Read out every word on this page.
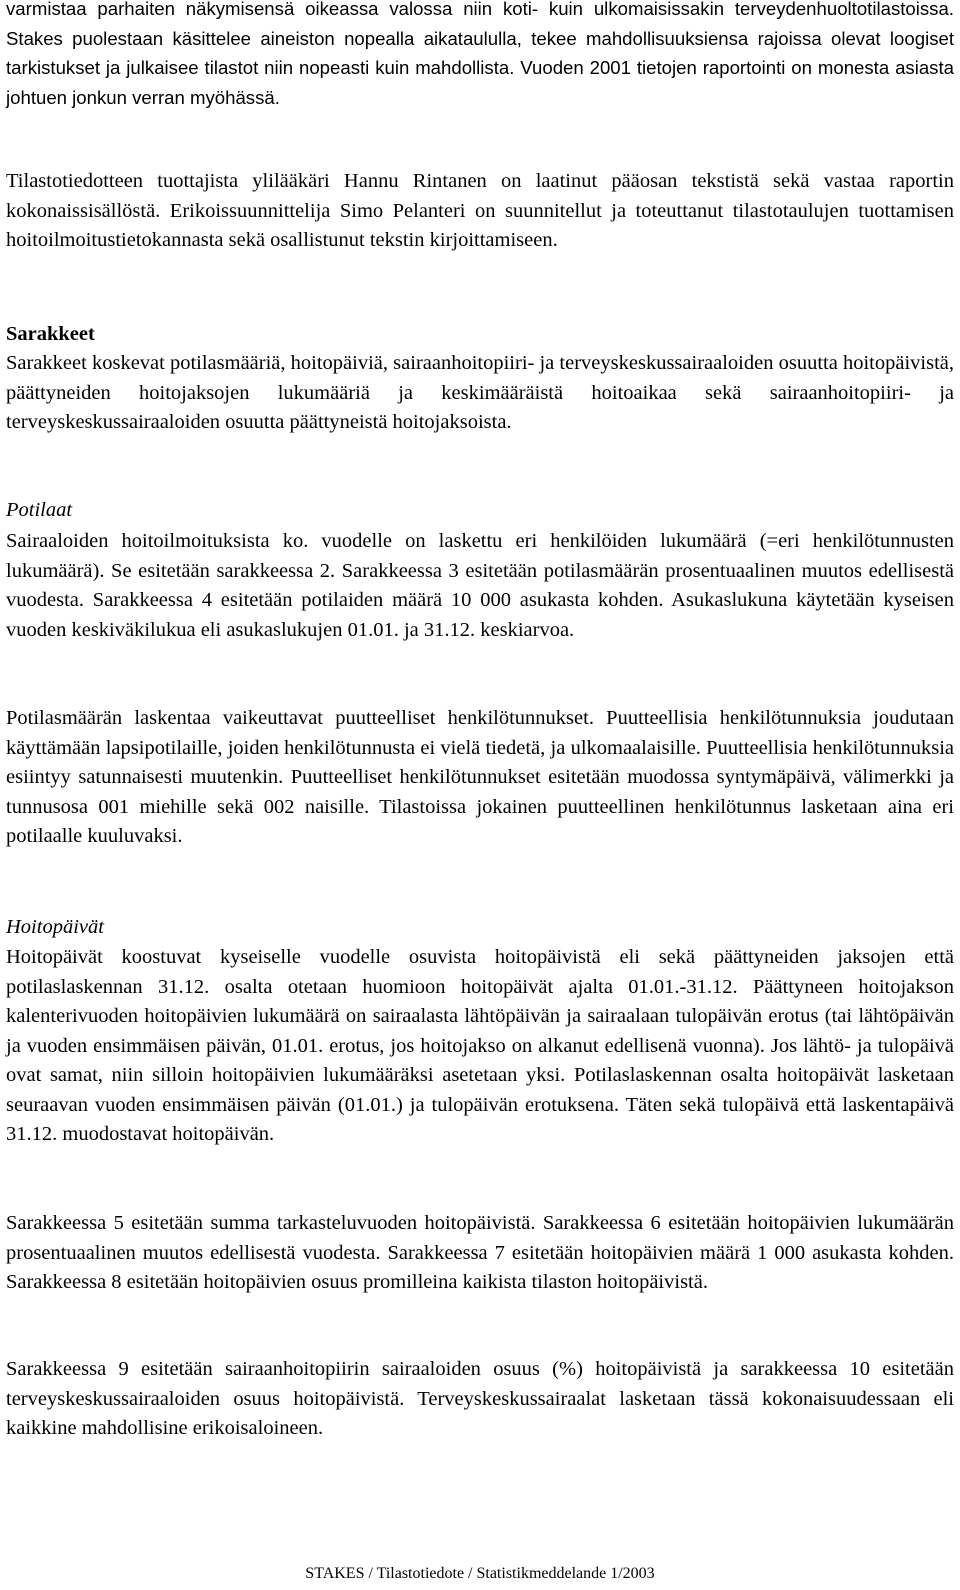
varmistaa parhaiten näkymisensä oikeassa valossa niin koti- kuin ulkomaisissakin terveydenhuoltotilastoissa. Stakes puolestaan käsittelee aineiston nopealla aikataululla, tekee mahdollisuuksiensa rajoissa olevat loogiset tarkistukset ja julkaisee tilastot niin nopeasti kuin mahdollista. Vuoden 2001 tietojen raportointi on monesta asiasta johtuen jonkun verran myöhässä.

Tilastotiedotteen tuottajista ylilääkäri Hannu Rintanen on laatinut pääosan tekstistä sekä vastaa raportin kokonaissisällöstä. Erikoissuunnittelija Simo Pelanteri on suunnitellut ja toteuttanut tilastotaulujen tuottamisen hoitoilmoitustietokannasta sekä osallistunut tekstin kirjoittamiseen.

Sarakkeet

Sarakkeet koskevat potilasmääriä, hoitopäiviä, sairaanhoitopiiri- ja terveyskeskussairaaloiden osuutta hoitopäivistä, päättyneiden hoitojaksojen lukumääriä ja keskimääräistä hoitoaikaa sekä sairaanhoitopiiri- ja terveyskeskussairaaloiden osuutta päättyneistä hoitojaksoista.

Potilaat

Sairaaloiden hoitoilmoituksista ko. vuodelle on laskettu eri henkilöiden lukumäärä (=eri henkilötunnusten lukumäärä). Se esitetään sarakkeessa 2. Sarakkeessa 3 esitetään potilasmäärän prosentuaalinen muutos edellisestä vuodesta. Sarakkeessa 4 esitetään potilaiden määrä 10 000 asukasta kohden. Asukaslukuna käytetään kyseisen vuoden keskiväkilukua eli asukaslukujen 01.01. ja 31.12. keskiarvoa.

Potilasmäärän laskentaa vaikeuttavat puutteelliset henkilötunnukset. Puutteellisia henkilötunnuksia joudutaan käyttämään lapsipotilaille, joiden henkilötunnusta ei vielä tiedetä, ja ulkomaalaisille. Puutteellisia henkilötunnuksia esiintyy satunnaisesti muutenkin. Puutteelliset henkilötunnukset esitetään muodossa syntymäpäivä, välimerkki ja tunnusosa 001 miehille sekä 002 naisille. Tilastoissa jokainen puutteellinen henkilötunnus lasketaan aina eri potilaalle kuuluvaksi.

Hoitopäivät

Hoitopäivät koostuvat kyseiselle vuodelle osuvista hoitopäivistä eli sekä päättyneiden jaksojen että potilaslaskennan 31.12. osalta otetaan huomioon hoitopäivät ajalta 01.01.-31.12. Päättyneen hoitojakson kalenterivuoden hoitopäivien lukumäärä on sairaalasta lähtöpäivän ja sairaalaan tulopäivän erotus (tai lähtöpäivän ja vuoden ensimmäisen päivän, 01.01. erotus, jos hoitojakso on alkanut edellisenä vuonna). Jos lähtö- ja tulopäivä ovat samat, niin silloin hoitopäivien lukumääräksi asetetaan yksi. Potilaslaskennan osalta hoitopäivät lasketaan seuraavan vuoden ensimmäisen päivän (01.01.) ja tulopäivän erotuksena. Täten sekä tulopäivä että laskentapäivä 31.12. muodostavat hoitopäivän.

Sarakkeessa 5 esitetään summa tarkasteluvuoden hoitopäivistä. Sarakkeessa 6 esitetään hoitopäivien lukumäärän prosentuaalinen muutos edellisestä vuodesta. Sarakkeessa 7 esitetään hoitopäivien määrä 1 000 asukasta kohden. Sarakkeessa 8 esitetään hoitopäivien osuus promilleina kaikista tilaston hoitopäivistä.

Sarakkeessa 9 esitetään sairaanhoitopiirin sairaaloiden osuus (%) hoitopäivistä ja sarakkeessa 10 esitetään terveyskeskussairaaloiden osuus hoitopäivistä. Terveyskeskussairaalat lasketaan tässä kokonaisuudessaan eli kaikkine mahdollisine erikoisaloineen.

STAKES / Tilastotiedote / Statistikmeddelande 1/2003
